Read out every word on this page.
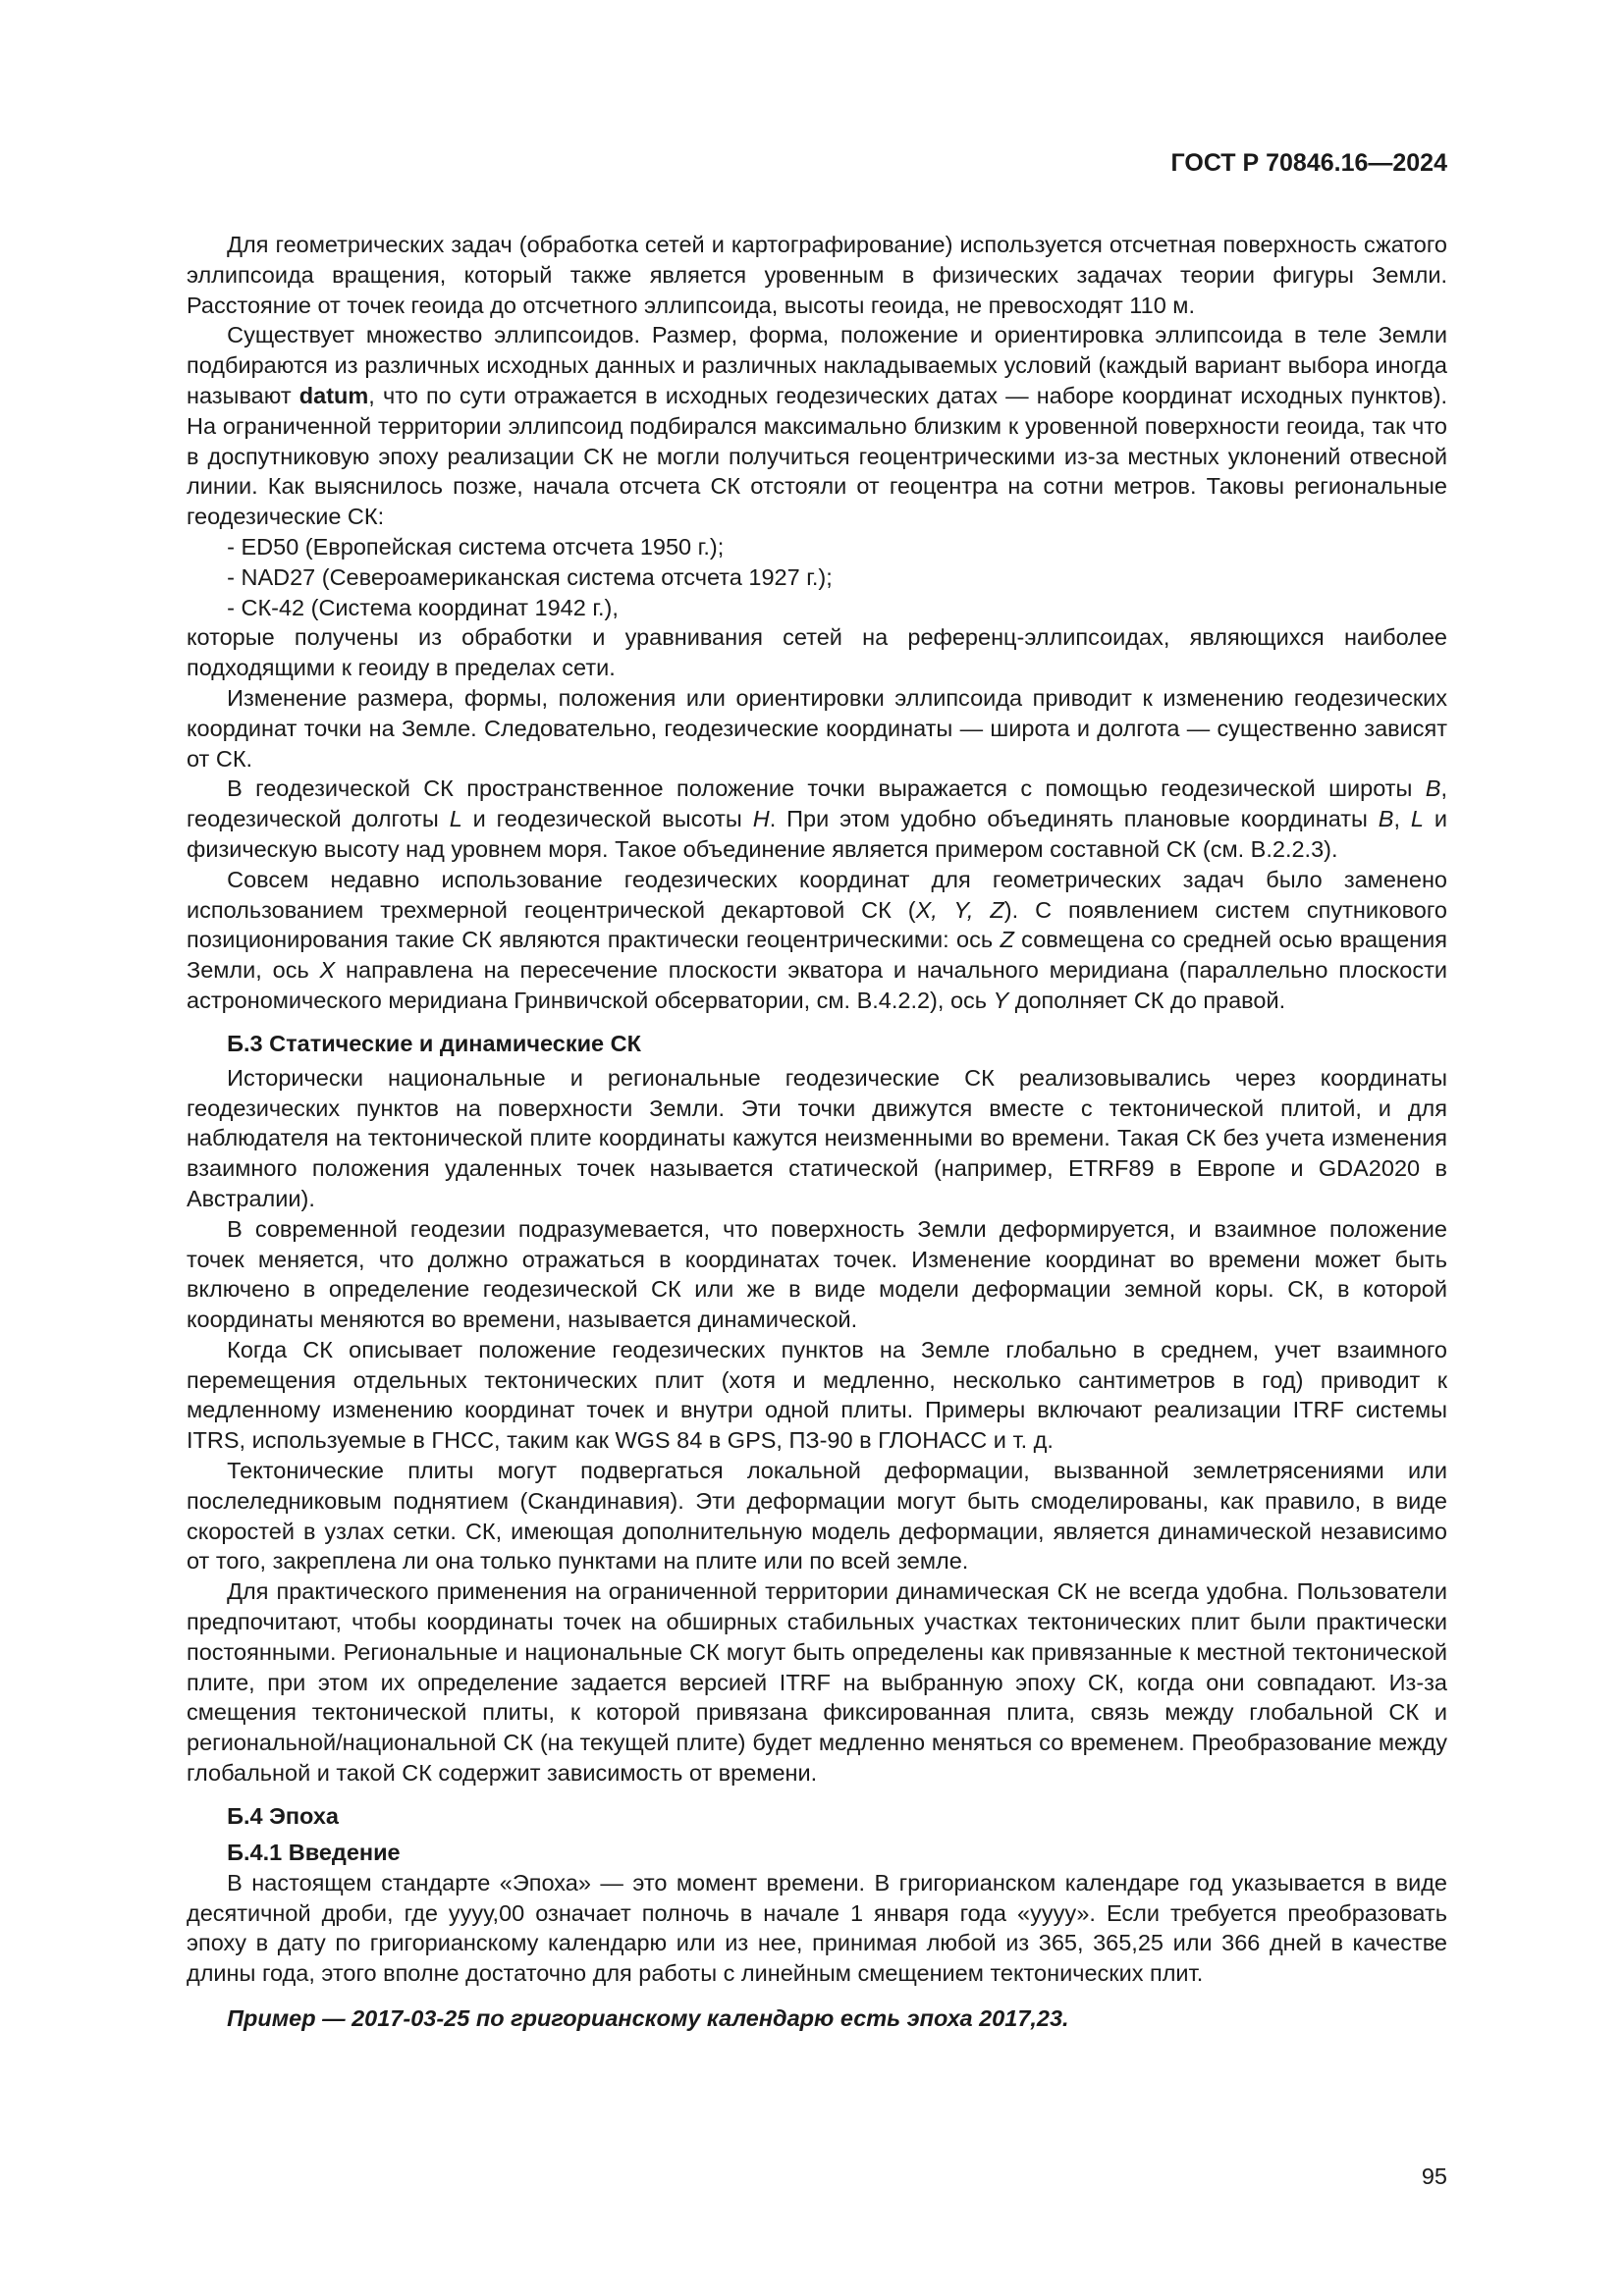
ГОСТ Р 70846.16—2024

Для геометрических задач (обработка сетей и картографирование) используется отсчетная поверхность сжатого эллипсоида вращения, который также является уровенным в физических задачах теории фигуры Земли. Расстояние от точек геоида до отсчетного эллипсоида, высоты геоида, не превосходят 110 м.

Существует множество эллипсоидов. Размер, форма, положение и ориентировка эллипсоида в теле Земли подбираются из различных исходных данных и различных накладываемых условий (каждый вариант выбора иногда называют datum, что по сути отражается в исходных геодезических датах — наборе координат исходных пунктов). На ограниченной территории эллипсоид подбирался максимально близким к уровенной поверхности геоида, так что в доспутниковую эпоху реализации СК не могли получиться геоцентрическими из-за местных уклонений отвесной линии. Как выяснилось позже, начала отсчета СК отстояли от геоцентра на сотни метров. Таковы региональные геодезические СК:

- ED50 (Европейская система отсчета 1950 г.);

- NAD27 (Североамериканская система отсчета 1927 г.);

- СК-42 (Система координат 1942 г.),

которые получены из обработки и уравнивания сетей на референц-эллипсоидах, являющихся наиболее подходящими к геоиду в пределах сети.

Изменение размера, формы, положения или ориентировки эллипсоида приводит к изменению геодезических координат точки на Земле. Следовательно, геодезические координаты — широта и долгота — существенно зависят от СК.

В геодезической СК пространственное положение точки выражается с помощью геодезической широты B, геодезической долготы L и геодезической высоты H. При этом удобно объединять плановые координаты B, L и физическую высоту над уровнем моря. Такое объединение является примером составной СК (см. В.2.2.3).

Совсем недавно использование геодезических координат для геометрических задач было заменено использованием трехмерной геоцентрической декартовой СК (X, Y, Z). С появлением систем спутникового позиционирования такие СК являются практически геоцентрическими: ось Z совмещена со средней осью вращения Земли, ось X направлена на пересечение плоскости экватора и начального меридиана (параллельно плоскости астрономического меридиана Гринвичской обсерватории, см. В.4.2.2), ось Y дополняет СК до правой.

Б.3 Статические и динамические СК

Исторически национальные и региональные геодезические СК реализовывались через координаты геодезических пунктов на поверхности Земли. Эти точки движутся вместе с тектонической плитой, и для наблюдателя на тектонической плите координаты кажутся неизменными во времени. Такая СК без учета изменения взаимного положения удаленных точек называется статической (например, ETRF89 в Европе и GDA2020 в Австралии).

В современной геодезии подразумевается, что поверхность Земли деформируется, и взаимное положение точек меняется, что должно отражаться в координатах точек. Изменение координат во времени может быть включено в определение геодезической СК или же в виде модели деформации земной коры. СК, в которой координаты меняются во времени, называется динамической.

Когда СК описывает положение геодезических пунктов на Земле глобально в среднем, учет взаимного перемещения отдельных тектонических плит (хотя и медленно, несколько сантиметров в год) приводит к медленному изменению координат точек и внутри одной плиты. Примеры включают реализации ITRF системы ITRS, используемые в ГНСС, таким как WGS 84 в GPS, ПЗ-90 в ГЛОНАСС и т. д.

Тектонические плиты могут подвергаться локальной деформации, вызванной землетрясениями или послеледниковым поднятием (Скандинавия). Эти деформации могут быть смоделированы, как правило, в виде скоростей в узлах сетки. СК, имеющая дополнительную модель деформации, является динамической независимо от того, закреплена ли она только пунктами на плите или по всей земле.

Для практического применения на ограниченной территории динамическая СК не всегда удобна. Пользователи предпочитают, чтобы координаты точек на обширных стабильных участках тектонических плит были практически постоянными. Региональные и национальные СК могут быть определены как привязанные к местной тектонической плите, при этом их определение задается версией ITRF на выбранную эпоху СК, когда они совпадают. Из-за смещения тектонической плиты, к которой привязана фиксированная плита, связь между глобальной СК и региональной/национальной СК (на текущей плите) будет медленно меняться со временем. Преобразование между глобальной и такой СК содержит зависимость от времени.

Б.4 Эпоха
Б.4.1 Введение

В настоящем стандарте «Эпоха» — это момент времени. В григорианском календаре год указывается в виде десятичной дроби, где уууу,00 означает полночь в начале 1 января года «уууу». Если требуется преобразовать эпоху в дату по григорианскому календарю или из нее, принимая любой из 365, 365,25 или 366 дней в качестве длины года, этого вполне достаточно для работы с линейным смещением тектонических плит.

Пример — 2017-03-25 по григорианскому календарю есть эпоха 2017,23.

95
